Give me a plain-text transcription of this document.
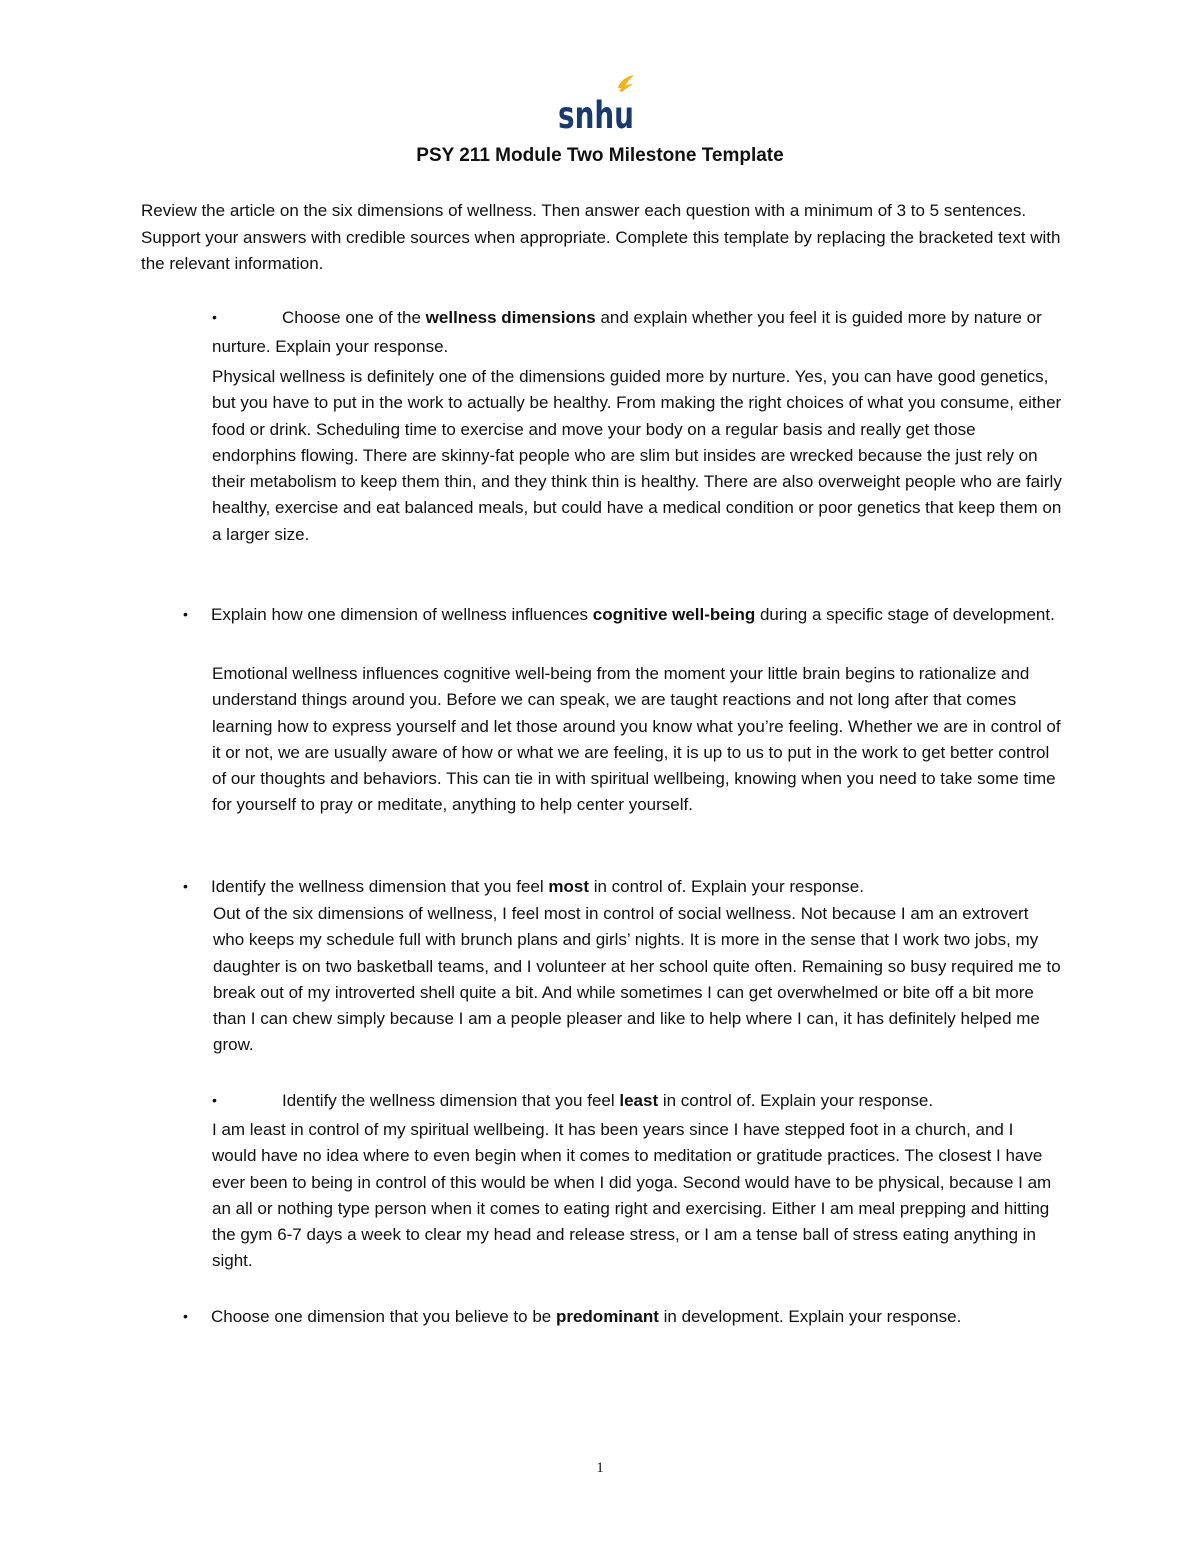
snhu
PSY 211 Module Two Milestone Template

Review the article on the six dimensions of wellness. Then answer each question with a minimum of 3 to 5 sentences. Support your answers with credible sources when appropriate. Complete this template by replacing the bracketed text with the relevant information.

•	Choose one of the wellness dimensions and explain whether you feel it is guided more by nature or nurture. Explain your response.

Physical wellness is definitely one of the dimensions guided more by nurture. Yes, you can have good genetics, but you have to put in the work to actually be healthy. From making the right choices of what you consume, either food or drink. Scheduling time to exercise and move your body on a regular basis and really get those endorphins flowing. There are skinny-fat people who are slim but insides are wrecked because the just rely on their metabolism to keep them thin, and they think thin is healthy. There are also overweight people who are fairly healthy, exercise and eat balanced meals, but could have a medical condition or poor genetics that keep them on a larger size.

• Explain how one dimension of wellness influences cognitive well-being during a specific stage of development.

Emotional wellness influences cognitive well-being from the moment your little brain begins to rationalize and understand things around you. Before we can speak, we are taught reactions and not long after that comes learning how to express yourself and let those around you know what you’re feeling. Whether we are in control of it or not, we are usually aware of how or what we are feeling, it is up to us to put in the work to get better control of our thoughts and behaviors. This can tie in with spiritual wellbeing, knowing when you need to take some time for yourself to pray or meditate, anything to help center yourself.

• Identify the wellness dimension that you feel most in control of. Explain your response.

Out of the six dimensions of wellness, I feel most in control of social wellness. Not because I am an extrovert who keeps my schedule full with brunch plans and girls’ nights. It is more in the sense that I work two jobs, my daughter is on two basketball teams, and I volunteer at her school quite often. Remaining so busy required me to break out of my introverted shell quite a bit. And while sometimes I can get overwhelmed or bite off a bit more than I can chew simply because I am a people pleaser and like to help where I can, it has definitely helped me grow.

•	Identify the wellness dimension that you feel least in control of. Explain your response.

I am least in control of my spiritual wellbeing. It has been years since I have stepped foot in a church, and I would have no idea where to even begin when it comes to meditation or gratitude practices. The closest I have ever been to being in control of this would be when I did yoga. Second would have to be physical, because I am an all or nothing type person when it comes to eating right and exercising. Either I am meal prepping and hitting the gym 6-7 days a week to clear my head and release stress, or I am a tense ball of stress eating anything in sight.

• Choose one dimension that you believe to be predominant in development. Explain your response.

1
